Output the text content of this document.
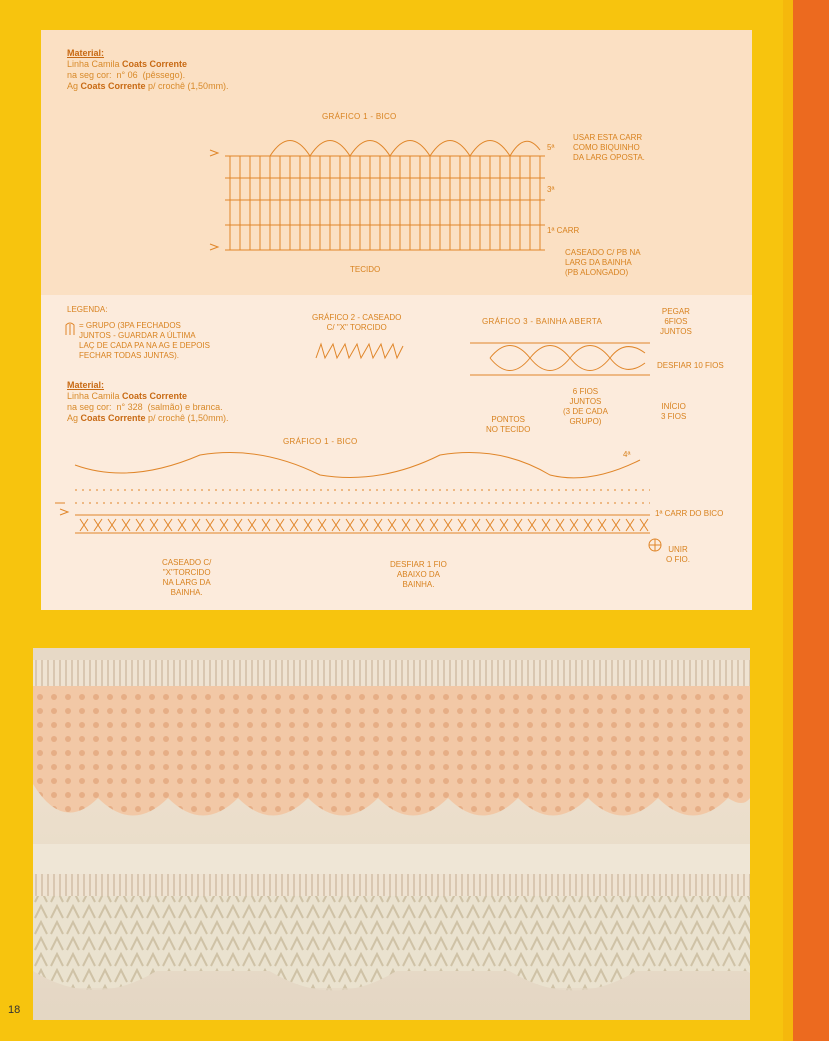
Material:
Linha Camila Coats Corrente
na seg cor:  n° 06  (pêssego).
Ag Coats Corrente p/ crochê (1,50mm).
GRÁFICO 1 - BICO
USAR ESTA CARR
COMO BIQUINHO
DA LARG OPOSTA.
5ª
3ª
1ª CARR
CASEADO C/ PB NA
LARG DA BAINHA
(PB ALONGADO)
TECIDO
LEGENDA:
= GRUPO (3PA FECHADOS
JUNTOS - GUARDAR A ÚLTIMA
LAÇ DE CADA PA NA AG E DEPOIS
FECHAR TODAS JUNTAS).
GRÁFICO 2 - CASEADO
C/ "X" TORCIDO
GRÁFICO 3 - BAINHA ABERTA
PEGAR
6FIOS
JUNTOS
DESFIAR 10 FIOS
INÍCIO
3 FIOS
6 FIOS
JUNTOS
(3 DE CADA
GRUPO)
PONTOS
NO TECIDO
Material:
Linha Camila Coats Corrente
na seg cor:  n° 328  (salmão) e branca.
Ag Coats Corrente p/ crochê (1,50mm).
GRÁFICO 1 - BICO
4ª
1ª CARR DO BICO
UNIR
O FIO.
CASEADO C/
"X"TORCIDO
NA LARG DA
BAINHA.
DESFIAR 1 FIO
ABAIXO DA
BAINHA.
18
